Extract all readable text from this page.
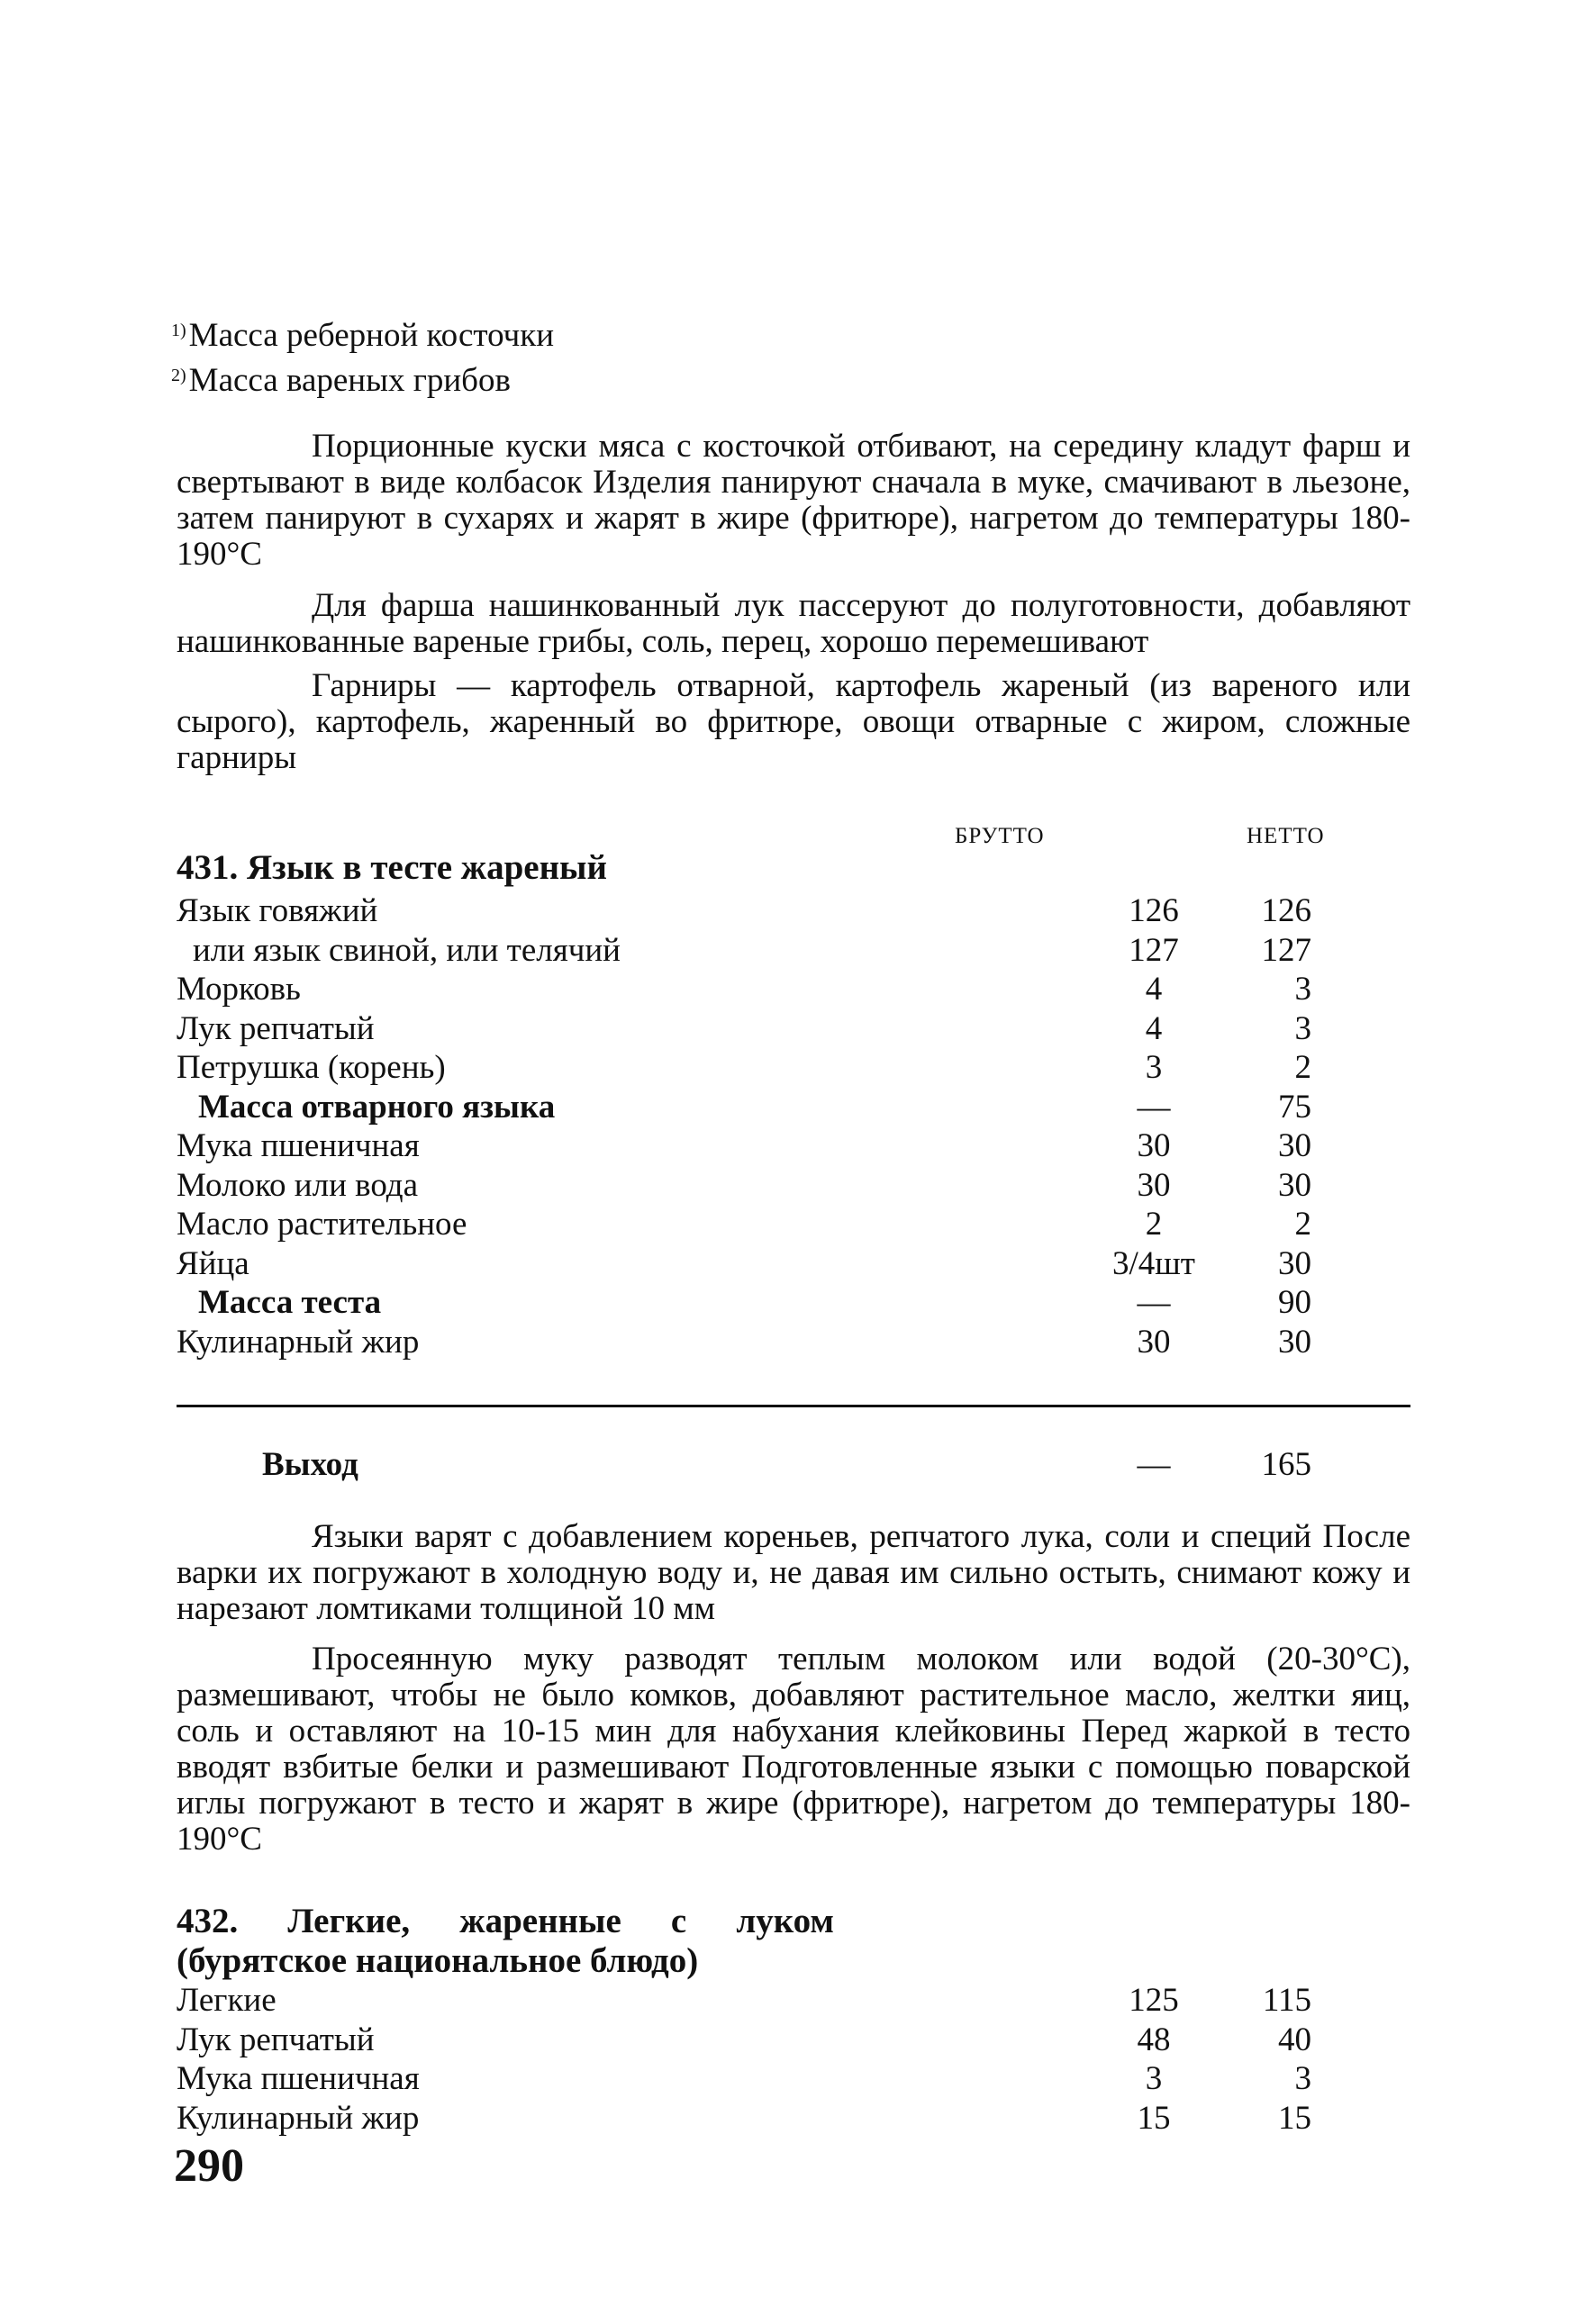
$^{1)}$Масса реберной косточки
$^{2)}$Масса вареных грибов

Порционные куски мяса с косточкой отбивают, на середину кладут фарш и свертывают в виде колбасок Изделия панируют сначала в муке, смачивают в льезоне, затем панируют в сухарях и жарят в жире (фритюре), нагретом до температуры 180-190°С

Для фарша нашинкованный лук пассеруют до полуготовности, добавляют нашинкованные вареные грибы, соль, перец, хорошо перемешивают

Гарниры — картофель отварной, картофель жареный (из вареного или сырого), картофель, жаренный во фритюре, овощи отварные с жиром, сложные гарниры

БРУТТО	НЕТТО
431. Язык в тесте жареный
Язык говяжий	126	126
или язык свиной, или телячий	127	127
Морковь	4	3
Лук репчатый	4	3
Петрушка (корень)	3	2
Масса отварного языка	—	75
Мука пшеничная	30	30
Молоко или вода	30	30
Масло растительное	2	2
Яйца	3/4шт	30
Масса теста	—	90
Кулинарный жир	30	30
Выход	—	165

Языки варят с добавлением кореньев, репчатого лука, соли и специй После варки их погружают в холодную воду и, не давая им сильно остыть, снимают кожу и нарезают ломтиками толщиной 10 мм

Просеянную муку разводят теплым молоком или водой (20-30°С), размешивают, чтобы не было комков, добавляют растительное масло, желтки яиц, соль и оставляют на 10-15 мин для набухания клейковины Перед жаркой в тесто вводят взбитые белки и размешивают Подготовленные языки с помощью поварской иглы погружают в тесто и жарят в жире (фритюре), нагретом до температуры 180-190°С

432. Легкие, жаренные с луком
(бурятское национальное блюдо)
Легкие	125	115
Лук репчатый	48	40
Мука пшеничная	3	3
Кулинарный жир	15	15
290
